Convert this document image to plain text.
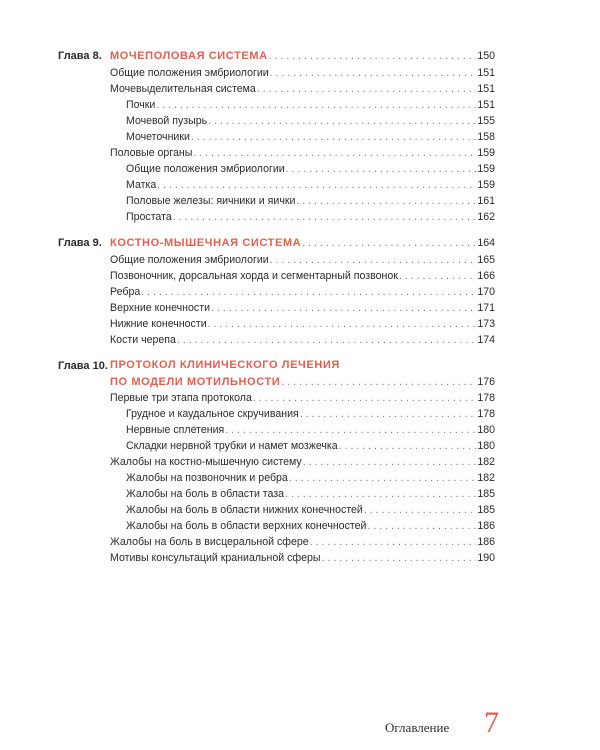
Глава 8. МОЧЕПОЛОВАЯ СИСТЕМА . . .	150
Общие положения эмбриологии . . .	151
Мочевыделительная система . . .	151
Почки . . .	151
Мочевой пузырь . . .	155
Мочеточники . . .	158
Половые органы . . .	159
Общие положения эмбриологии . . .	159
Матка . . .	159
Половые железы: яичники и яички . . .	161
Простата . . .	162
Глава 9. КОСТНО-МЫШЕЧНАЯ СИСТЕМА . . .	164
Общие положения эмбриологии . . .	165
Позвоночник, дорсальная хорда и сегментарный позвонок . . .	166
Ребра . . .	170
Верхние конечности . . .	171
Нижние конечности . . .	173
Кости черепа . . .	174
Глава 10. ПРОТОКОЛ КЛИНИЧЕСКОГО ЛЕЧЕНИЯ
ПО МОДЕЛИ МОТИЛЬНОСТИ . . .	176
Первые три этапа протокола . . .	178
Грудное и каудальное скручивания . . .	178
Нервные сплетения . . .	180
Складки нервной трубки и намет мозжечка . . .	180
Жалобы на костно-мышечную систему . . .	182
Жалобы на позвоночник и ребра . . .	182
Жалобы на боль в области таза . . .	185
Жалобы на боль в области нижних конечностей . . .	185
Жалобы на боль в области верхних конечностей . . .	186
Жалобы на боль в висцеральной сфере . . .	186
Мотивы консультаций краниальной сферы . . .	190
Оглавление 7
